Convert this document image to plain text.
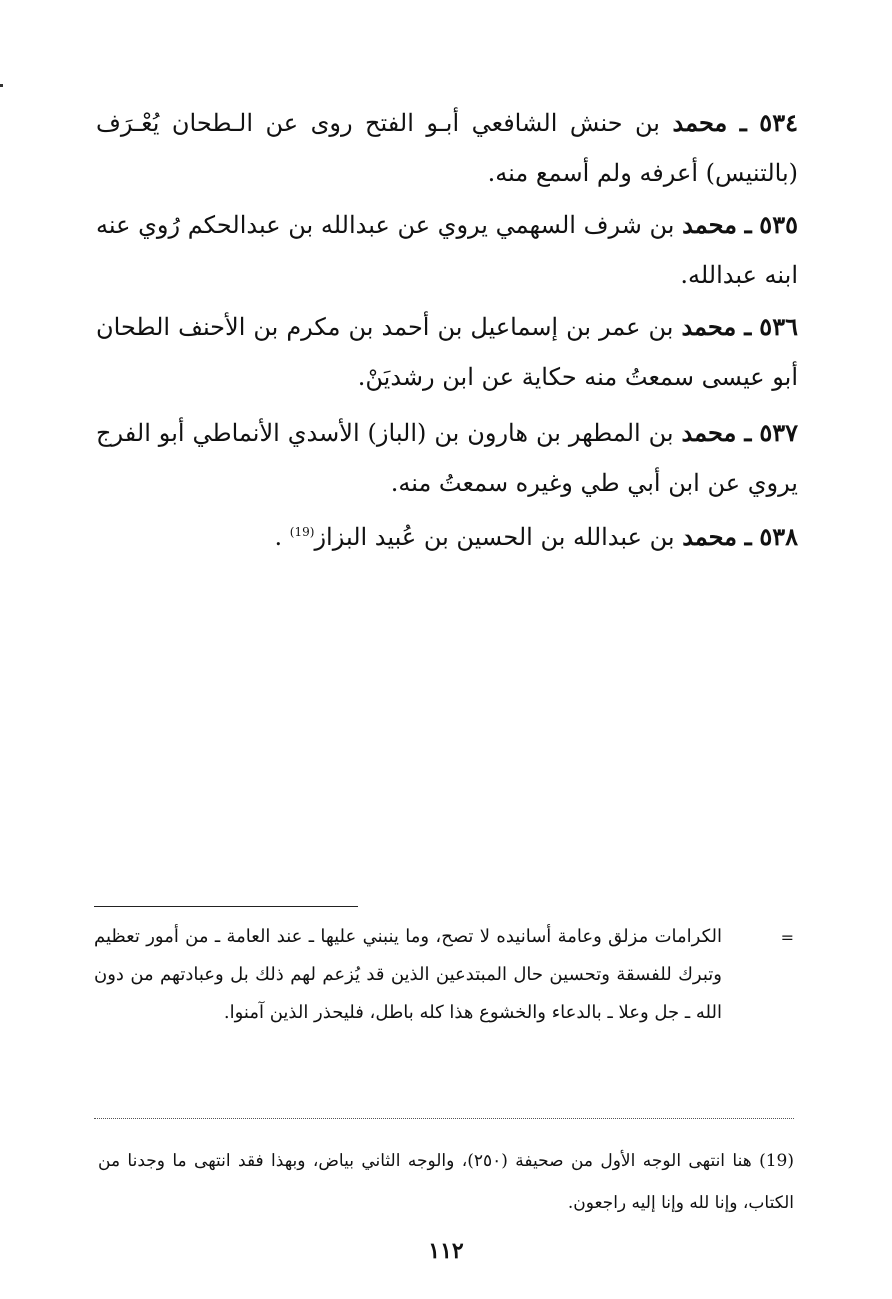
٥٣٤ ـ محمد بن حنش الشافعي أبـو الفتح روى عن الـطحان يُعْـرَف (بالتنيس) أعرفه ولم أسمع منه.

٥٣٥ ـ محمد بن شرف السهمي يروي عن عبدالله بن عبدالحكم رُوي عنه ابنه عبدالله.

٥٣٦ ـ محمد بن عمر بن إسماعيل بن أحمد بن مكرم بن الأحنف الطحان أبو عيسى سمعتُ منه حكاية عن ابن رشديَنْ.

٥٣٧ ـ محمد بن المطهر بن هارون بن (الباز) الأسدي الأنماطي أبو الفرج يروي عن ابن أبي طي وغيره سمعتُ منه.

٥٣٨ ـ محمد بن عبدالله بن الحسين بن عُبيد البزاز$^{(19)}$ .

=

الكرامات مزلق وعامة أسانيده لا تصح، وما ينبني عليها ـ عند العامة ـ من أمور تعظيم وتبرك للفسقة وتحسين حال المبتدعين الذين قد يُزعم لهم ذلك بل وعبادتهم من دون الله ـ جل وعلا ـ بالدعاء والخشوع هذا كله باطل، فليحذر الذين آمنوا.

(19) هنا انتهى الوجه الأول من صحيفة (٢٥٠)، والوجه الثاني بياض، وبهذا فقد انتهى ما وجدنا من الكتاب، وإنا لله وإنا إليه راجعون.

١١٢
